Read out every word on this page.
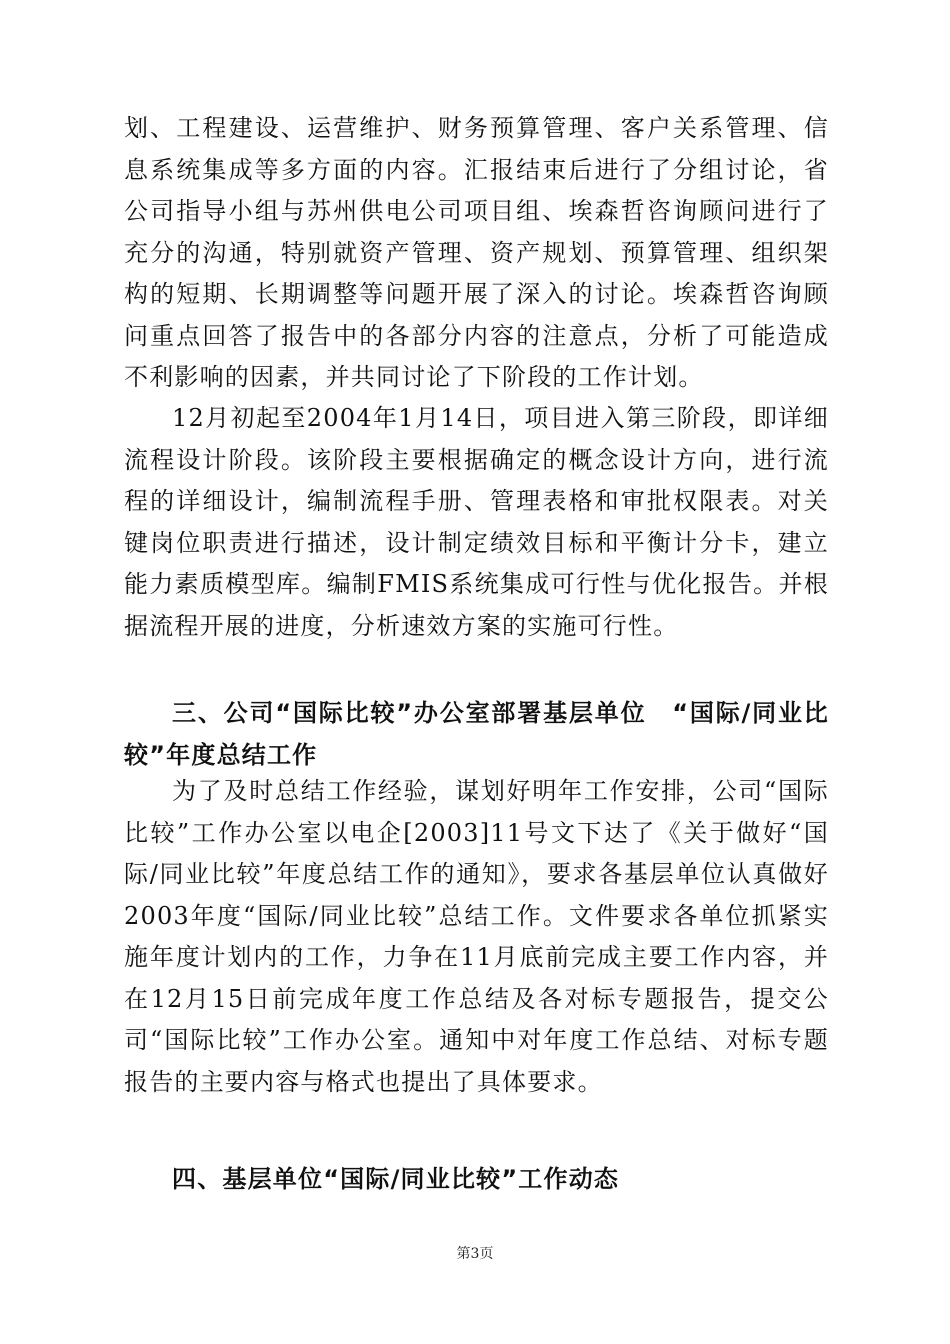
划、工程建设、运营维护、财务预算管理、客户关系管理、信息系统集成等多方面的内容。汇报结束后进行了分组讨论，省公司指导小组与苏州供电公司项目组、埃森哲咨询顾问进行了充分的沟通，特别就资产管理、资产规划、预算管理、组织架构的短期、长期调整等问题开展了深入的讨论。埃森哲咨询顾问重点回答了报告中的各部分内容的注意点，分析了可能造成不利影响的因素，并共同讨论了下阶段的工作计划。

12月初起至2004年1月14日，项目进入第三阶段，即详细流程设计阶段。该阶段主要根据确定的概念设计方向，进行流程的详细设计，编制流程手册、管理表格和审批权限表。对关键岗位职责进行描述，设计制定绩效目标和平衡计分卡，建立能力素质模型库。编制FMIS系统集成可行性与优化报告。并根据流程开展的进度，分析速效方案的实施可行性。

三、公司“国际比较”办公室部署基层单位　“国际/同业比较”年度总结工作

为了及时总结工作经验，谋划好明年工作安排，公司“国际比较”工作办公室以电企[2003]11号文下达了《关于做好“国际/同业比较”年度总结工作的通知》，要求各基层单位认真做好2003年度“国际/同业比较”总结工作。文件要求各单位抓紧实施年度计划内的工作，力争在11月底前完成主要工作内容，并在12月15日前完成年度工作总结及各对标专题报告，提交公司“国际比较”工作办公室。通知中对年度工作总结、对标专题报告的主要内容与格式也提出了具体要求。

四、基层单位“国际/同业比较”工作动态
第3页
